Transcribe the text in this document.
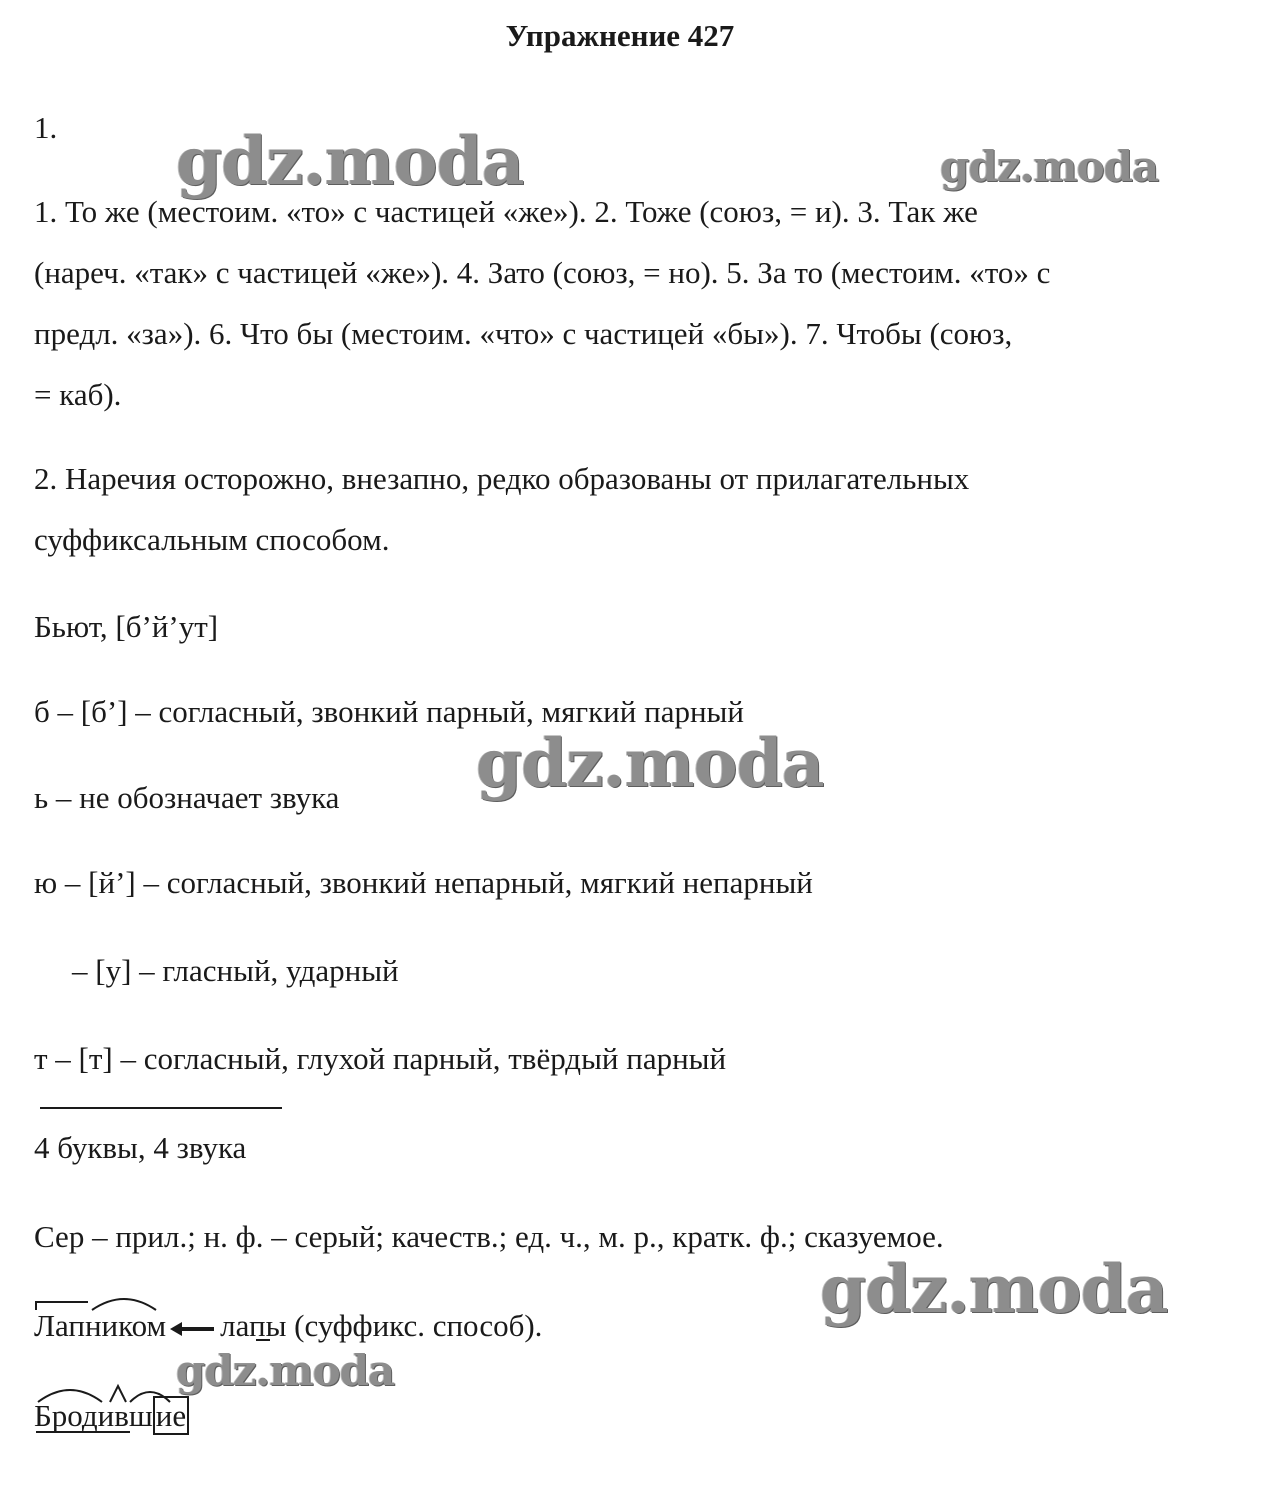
Упражнение 427
1.
1. То же (местоим. «то» с частицей «же»). 2. Тоже (союз, = и). 3. Так же
(нареч. «так» с частицей «же»). 4. Зато (союз, = но). 5. За то (местоим. «то» с
предл. «за»). 6. Что бы (местоим. «что» с частицей «бы»). 7. Чтобы (союз,
= каб).
2. Наречия осторожно, внезапно, редко образованы от прилагательных
суффиксальным способом.
Бьют, [б’й’ут]
б – [б’] – согласный, звонкий парный, мягкий парный
ь – не обозначает звука
ю – [й’] – согласный, звонкий непарный, мягкий непарный
– [у] – гласный, ударный
т – [т] – согласный, глухой парный, твёрдый парный
4 буквы, 4 звука
Сер – прил.; н. ф. – серый; качеств.; ед. ч., м. р., кратк. ф.; сказуемое.
Лапником лапы (суффикс. способ).
Бродившие
gdz.moda	gdz.moda
gdz.moda
gdz.moda
gdz.moda
